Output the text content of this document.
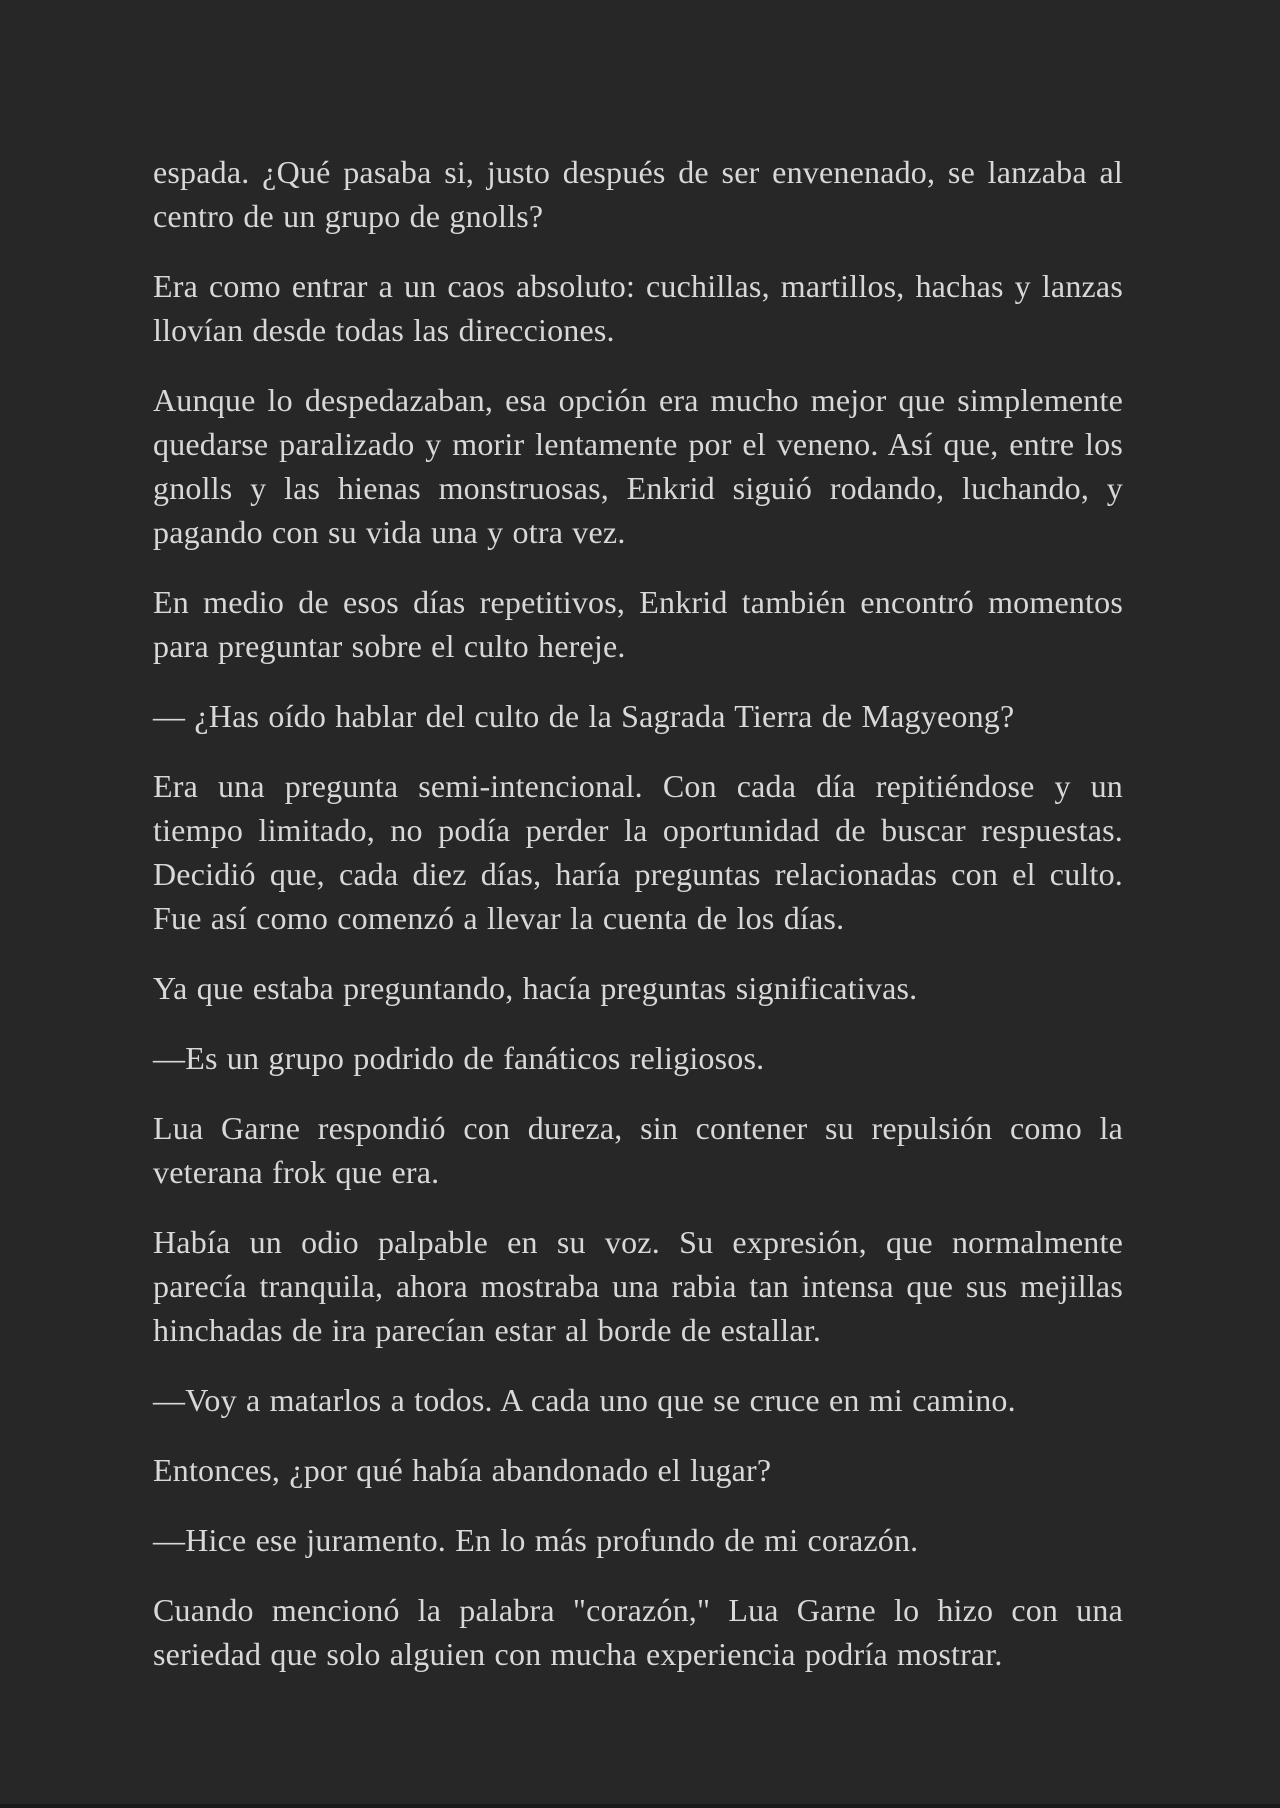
espada. ¿Qué pasaba si, justo después de ser envenenado, se lanzaba al centro de un grupo de gnolls?

Era como entrar a un caos absoluto: cuchillas, martillos, hachas y lanzas llovían desde todas las direcciones.

Aunque lo despedazaban, esa opción era mucho mejor que simplemente quedarse paralizado y morir lentamente por el veneno. Así que, entre los gnolls y las hienas monstruosas, Enkrid siguió rodando, luchando, y pagando con su vida una y otra vez.

En medio de esos días repetitivos, Enkrid también encontró momentos para preguntar sobre el culto hereje.

— ¿Has oído hablar del culto de la Sagrada Tierra de Magyeong?

Era una pregunta semi-intencional. Con cada día repitiéndose y un tiempo limitado, no podía perder la oportunidad de buscar respuestas. Decidió que, cada diez días, haría preguntas relacionadas con el culto. Fue así como comenzó a llevar la cuenta de los días.

Ya que estaba preguntando, hacía preguntas significativas.

—Es un grupo podrido de fanáticos religiosos.

Lua Garne respondió con dureza, sin contener su repulsión como la veterana frok que era.

Había un odio palpable en su voz. Su expresión, que normalmente parecía tranquila, ahora mostraba una rabia tan intensa que sus mejillas hinchadas de ira parecían estar al borde de estallar.

—Voy a matarlos a todos. A cada uno que se cruce en mi camino.

Entonces, ¿por qué había abandonado el lugar?

—Hice ese juramento. En lo más profundo de mi corazón.

Cuando mencionó la palabra "corazón," Lua Garne lo hizo con una seriedad que solo alguien con mucha experiencia podría mostrar.
